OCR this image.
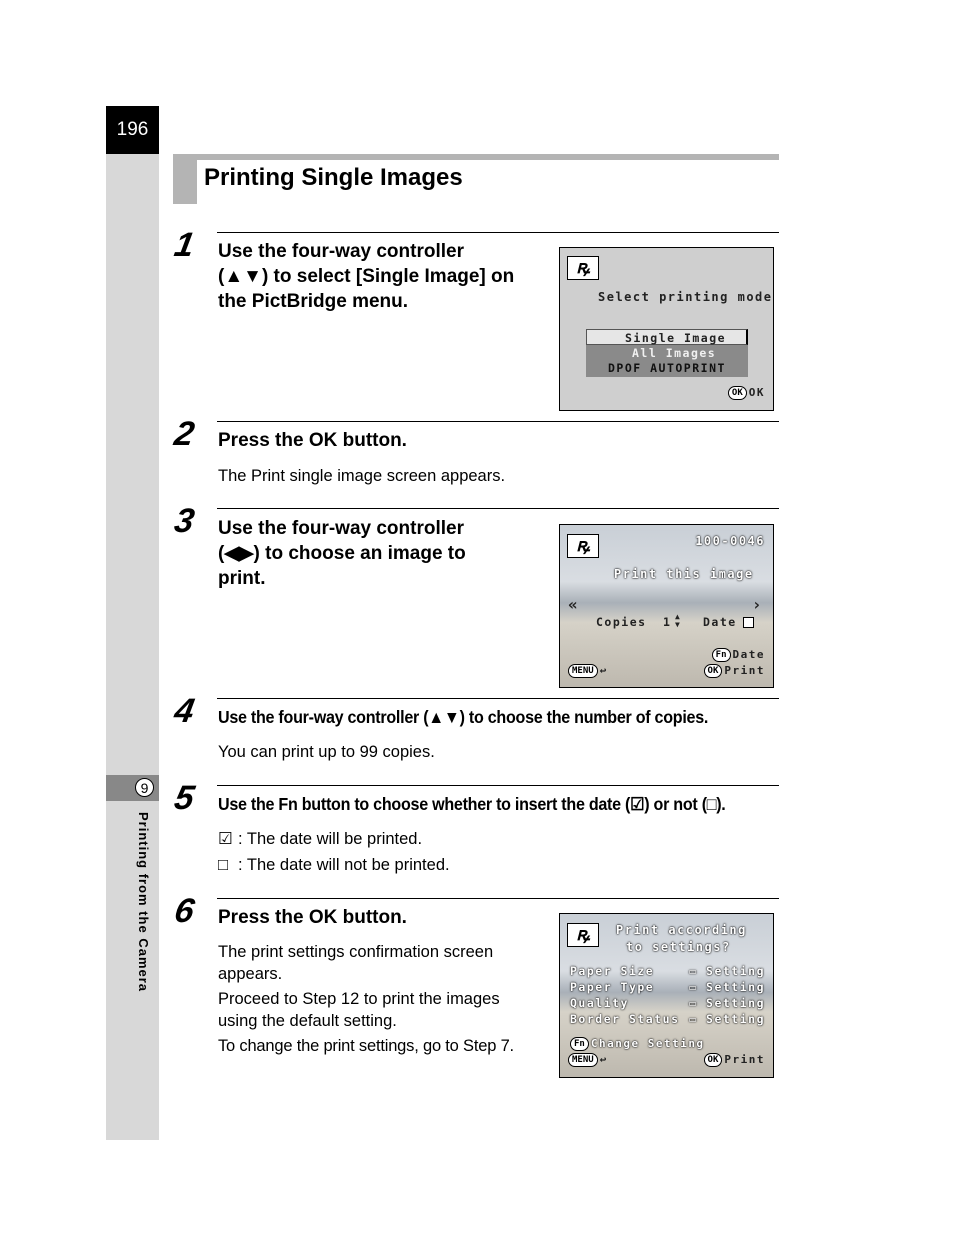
196
9
Printing from the Camera
Printing Single Images
1 Use the four-way controller
(▲▼) to select [Single Image] on
the PictBridge menu.
ꝶ
Select printing mode
Single Image
All Images
DPOF AUTOPRINT
OK OK
2 Press the OK button.
The Print single image screen appears.
3 Use the four-way controller
(◀▶) to choose an image to
print.
ꝶ	100-0046
Print this image
«	›
Copies 1 ▲
▼ Date
Fn Date
OK Print
MENU ↩
4 Use the four-way controller (▲▼) to choose the number of copies.
You can print up to 99 copies.
5 Use the Fn button to choose whether to insert the date (☑) or not (□).
☑ : The date will be printed.
□ : The date will not be printed.
6 Press the OK button.
The print settings confirmation screen
appears.
Proceed to Step 12 to print the images
using the default setting.
To change the print settings, go to Step 7.
ꝶ	Print according
to settings?
Paper Size	▭ Setting
Paper Type	▭ Setting
Quality	▭ Setting
Border Status ▭ Setting
Fn Change Setting
MENU ↩	OK Print
